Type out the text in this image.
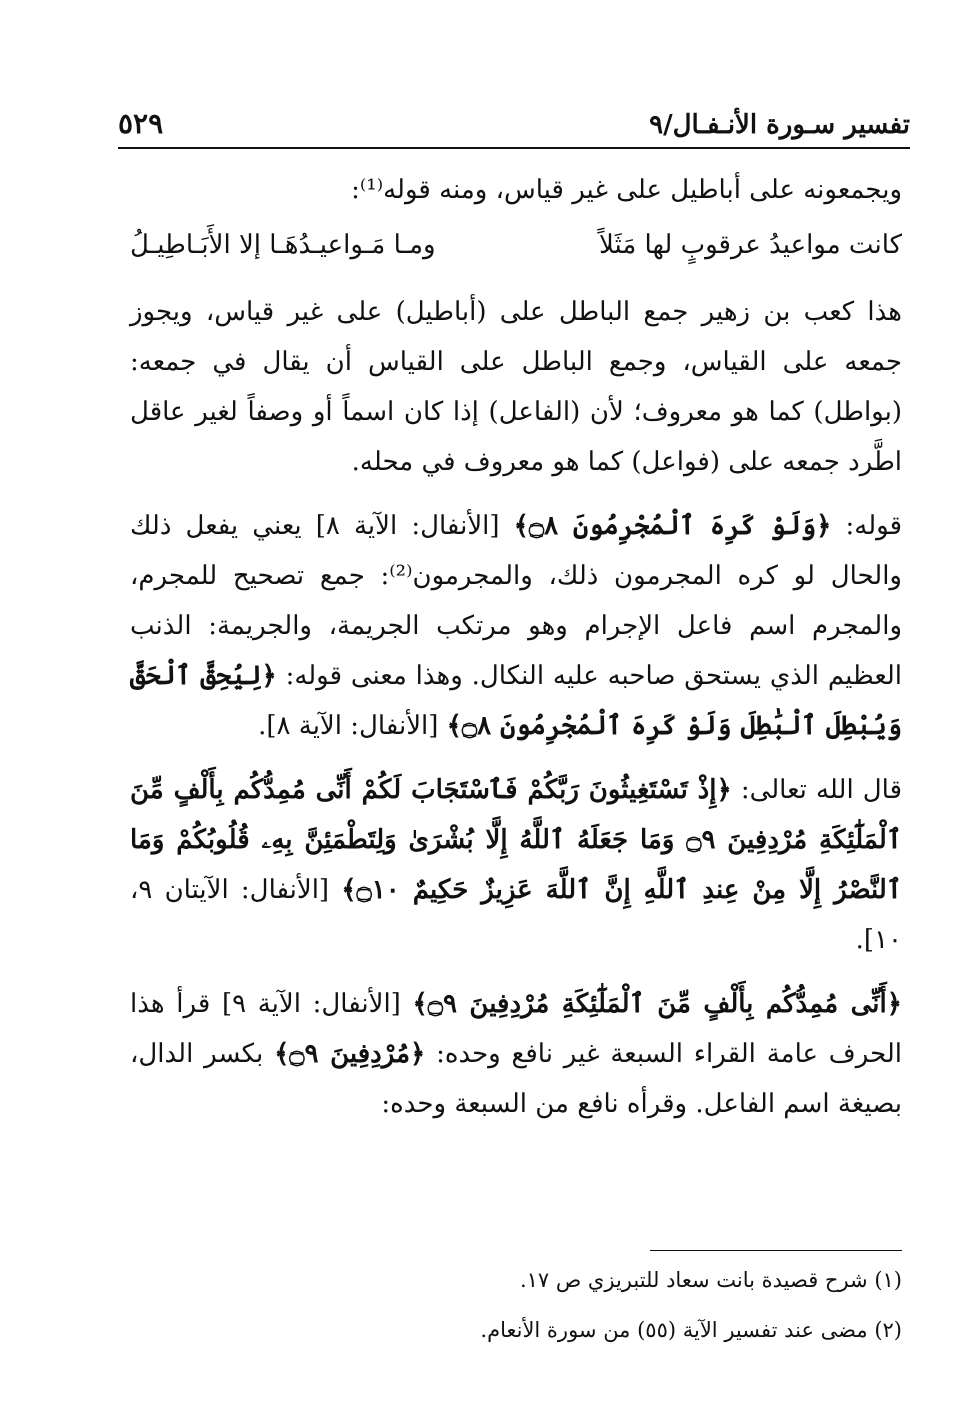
تفسير سـورة الأنـفـال/٩
٥٢٩

ويجمعونه على أباطيل على غير قياس، ومنه قوله⁽¹⁾:

كانت مواعيدُ عرقوبٍ لها مَثَلاً
ومـا مَـواعيـدُهَـا إلا الأَبَـاطِيـلُ

هذا كعب بن زهير جمع الباطل على (أباطيل) على غير قياس، ويجوز جمعه على القياس، وجمع الباطل على القياس أن يقال في جمعه: (بواطل) كما هو معروف؛ لأن (الفاعل) إذا كان اسماً أو وصفاً لغير عاقل اطَّرد جمعه على (فواعل) كما هو معروف في محله.

قوله: ﴿وَلَوْ كَرِهَ ٱلْمُجْرِمُونَ ۝٨﴾ [الأنفال: الآية ٨] يعني يفعل ذلك والحال لو كره المجرمون ذلك، والمجرمون⁽²⁾: جمع تصحيح للمجرم، والمجرم اسم فاعل الإجرام وهو مرتكب الجريمة، والجريمة: الذنب العظيم الذي يستحق صاحبه عليه النكال. وهذا معنى قوله: ﴿لِيُحِقَّ ٱلْحَقَّ وَيُبْطِلَ ٱلْبَٰطِلَ وَلَوْ كَرِهَ ٱلْمُجْرِمُونَ ۝٨﴾ [الأنفال: الآية ٨].

قال الله تعالى: ﴿إِذْ تَسْتَغِيثُونَ رَبَّكُمْ فَٱسْتَجَابَ لَكُمْ أَنِّى مُمِدُّكُم بِأَلْفٍ مِّنَ ٱلْمَلَٰٓئِكَةِ مُرْدِفِينَ ۝٩ وَمَا جَعَلَهُ ٱللَّهُ إِلَّا بُشْرَىٰ وَلِتَطْمَئِنَّ بِهِۦ قُلُوبُكُمْ وَمَا ٱلنَّصْرُ إِلَّا مِنْ عِندِ ٱللَّهِ إِنَّ ٱللَّهَ عَزِيزٌ حَكِيمٌ ۝١٠﴾ [الأنفال: الآيتان ٩، ١٠].

﴿أَنِّى مُمِدُّكُم بِأَلْفٍ مِّنَ ٱلْمَلَٰٓئِكَةِ مُرْدِفِينَ ۝٩﴾ [الأنفال: الآية ٩] قرأ هذا الحرف عامة القراء السبعة غير نافع وحده: ﴿مُرْدِفِينَ ۝٩﴾ بكسر الدال، بصيغة اسم الفاعل. وقرأه نافع من السبعة وحده:

(١) شرح قصيدة بانت سعاد للتبريزي ص ١٧.

(٢) مضى عند تفسير الآية (٥٥) من سورة الأنعام.
